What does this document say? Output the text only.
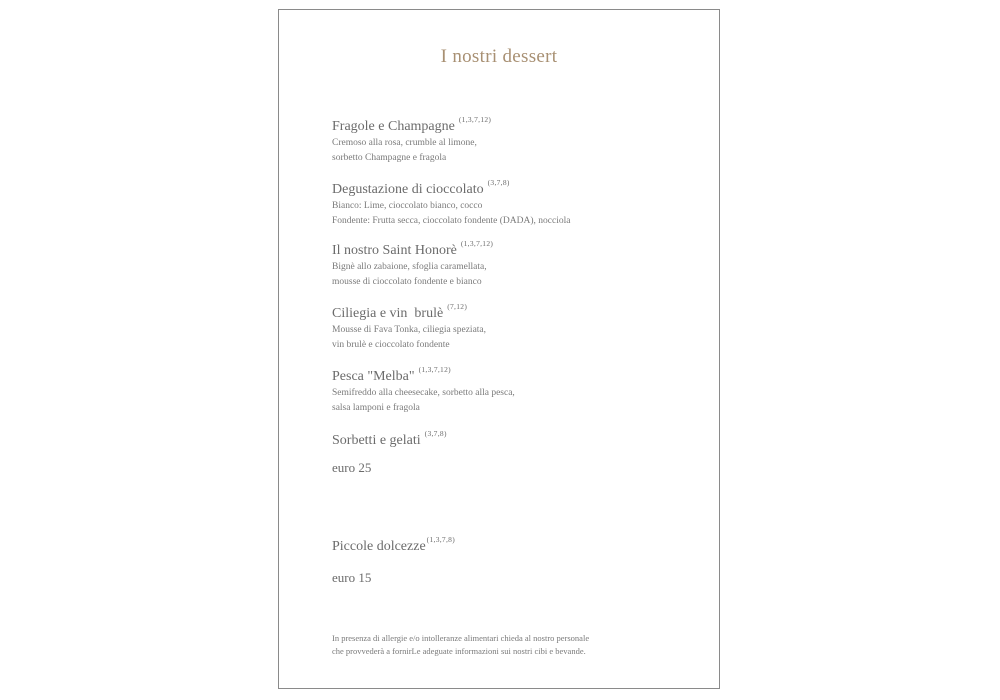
I nostri dessert
Fragole e Champagne $^{(1,3,7,12)}$
Cremoso alla rosa, crumble al limone,
sorbetto Champagne e fragola
Degustazione di cioccolato $^{(3,7,8)}$
Bianco: Lime, cioccolato bianco, cocco
Fondente: Frutta secca, cioccolato fondente (DADA), nocciola
Il nostro Saint Honorè $^{(1,3,7,12)}$
Bignè allo zabaione, sfoglia caramellata,
mousse di cioccolato fondente e bianco
Ciliegia e vin  brulè $^{(7,12)}$
Mousse di Fava Tonka, ciliegia speziata,
vin brulè e cioccolato fondente
Pesca "Melba" $^{(1,3,7,12)}$
Semifreddo alla cheesecake, sorbetto alla pesca,
salsa lamponi e fragola
Sorbetti e gelati $^{(3,7,8)}$
euro 25
Piccole dolcezze$^{(1,3,7,8)}$
euro 15
In presenza di allergie e/o intolleranze alimentari chieda al nostro personale
che provvederà a fornirLe adeguate informazioni sui nostri cibi e bevande.
